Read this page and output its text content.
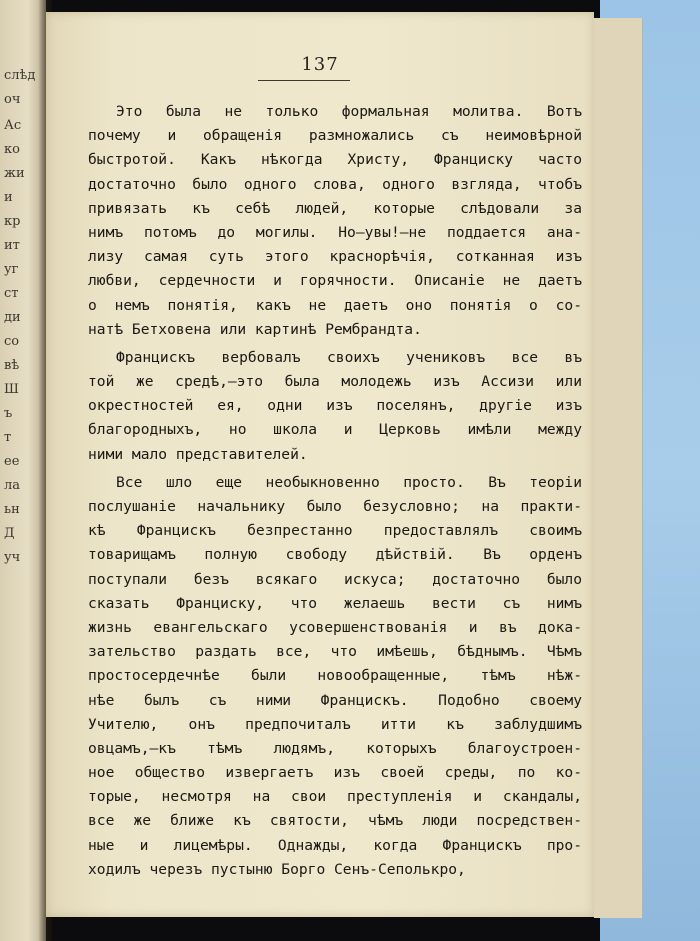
слѣд
оч
Ас
ко
жи
и
кр
ит
уг
ст
ди
со
вѣ
Ш
ъ
т
ее
ла
ьн
Д
уч
137
Это была не только формальная молитва. Вотъ
почему и обращенія размножались съ неимовѣрной
быстротой. Какъ нѣкогда Христу, Франциску часто
достаточно было одного слова, одного взгляда, чтобъ
привязать къ себѣ людей, которые слѣдовали за
нимъ потомъ до могилы. Но—увы!—не поддается ана-
лизу самая суть этого краснорѣчія, сотканная изъ
любви, сердечности и горячности. Описаніе не даетъ
о немъ понятія, какъ не даетъ оно понятія о со-
натѣ Бетховена или картинѣ Рембрандта.
Францискъ вербовалъ своихъ учениковъ все въ
той же средѣ,—это была молодежь изъ Ассизи или
окрестностей ея, одни изъ поселянъ, другіе изъ
благородныхъ, но школа и Церковь имѣли между
ними мало представителей.
Все шло еще необыкновенно просто. Въ теоріи
послушаніе начальнику было безусловно; на практи-
кѣ Францискъ безпрестанно предоставлялъ своимъ
товарищамъ полную свободу дѣйствій. Въ орденъ
поступали безъ всякаго искуса; достаточно было
сказать Франциску, что желаешь вести съ нимъ
жизнь евангельскаго усовершенствованія и въ дока-
зательство раздать все, что имѣешь, бѣднымъ. Чѣмъ
простосердечнѣе были новообращенные, тѣмъ нѣж-
нѣе былъ съ ними Францискъ. Подобно своему
Учителю, онъ предпочиталъ итти къ заблудшимъ
овцамъ,—къ тѣмъ людямъ, которыхъ благоустроен-
ное общество извергаетъ изъ своей среды, по ко-
торые, несмотря на свои преступленія и скандалы,
все же ближе къ святости, чѣмъ люди посредствен-
ные и лицемѣры. Однажды, когда Францискъ про-
ходилъ черезъ пустыню Борго Сенъ-Сеполькро,
